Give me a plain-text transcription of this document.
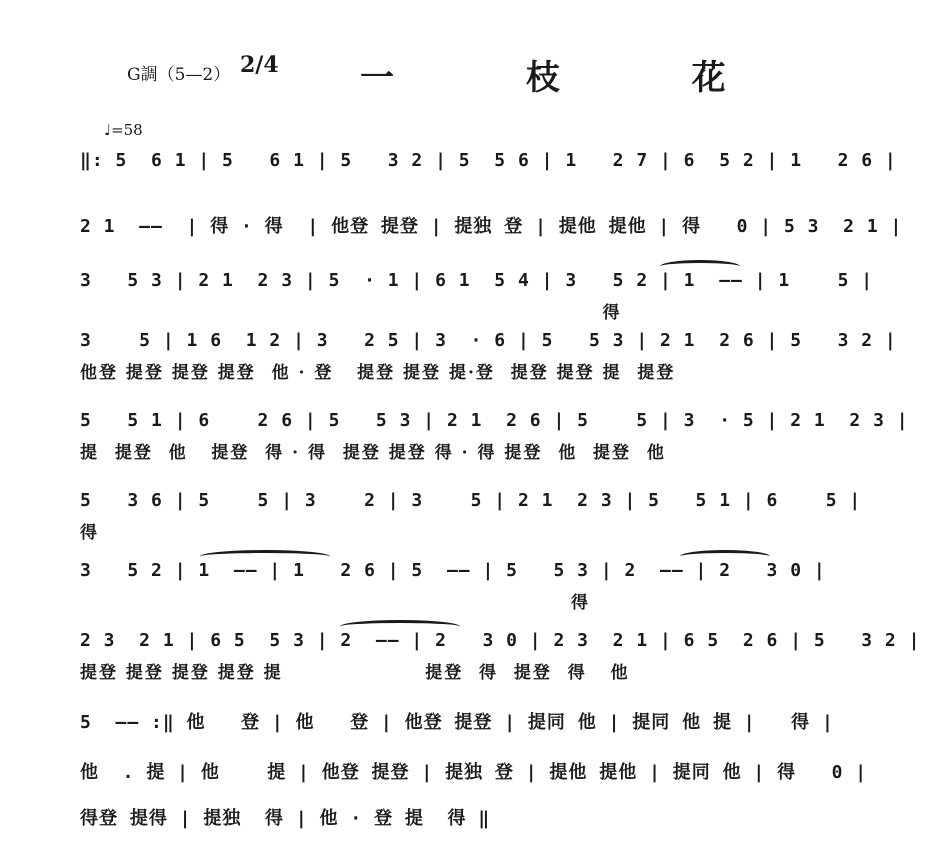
G調（5—2） 2/4 一 枝 花
♩=58
‖: 5  6 1 | 5   6 1 | 5   3 2 | 5  5 6 | 1   2 7 | 6  5 2 | 1   2 6 |
2 1  ——  | 得 · 得  | 他登 提登 | 提独 登 | 提他 提他 | 得   0 | 5 3  2 1 |
3   5 3 | 2 1  2 3 | 5  · 1 | 6 1  5 4 | 3   5 2 | 1  —— | 1    5 |
得
3    5 | 1 6  1 2 | 3   2 5 | 3  · 6 | 5   5 3 | 2 1  2 6 | 5   3 2 |
他登 提登 提登 提登  他 · 登   提登 提登 提·登  提登 提登 提  提登
5   5 1 | 6    2 6 | 5   5 3 | 2 1  2 6 | 5    5 | 3  · 5 | 2 1  2 3 |
提  提登  他   提登  得 · 得  提登 提登 得 · 得 提登  他  提登  他
5   3 6 | 5    5 | 3    2 | 3    5 | 2 1  2 3 | 5   5 1 | 6    5 |
得
3   5 2 | 1  —— | 1   2 6 | 5  —— | 5   5 3 | 2  —— | 2   3 0 |
得
2 3  2 1 | 6 5  5 3 | 2  —— | 2   3 0 | 2 3  2 1 | 6 5  2 6 | 5   3 2 |
提登 提登 提登 提登 提                  提登  得  提登  得   他
5  —— :‖ 他   登 | 他   登 | 他登 提登 | 提同 他 | 提同 他 提 |   得 |
他  . 提 | 他    提 | 他登 提登 | 提独 登 | 提他 提他 | 提同 他 | 得   0 |
得登 提得 | 提独  得 | 他 · 登 提  得 ‖
